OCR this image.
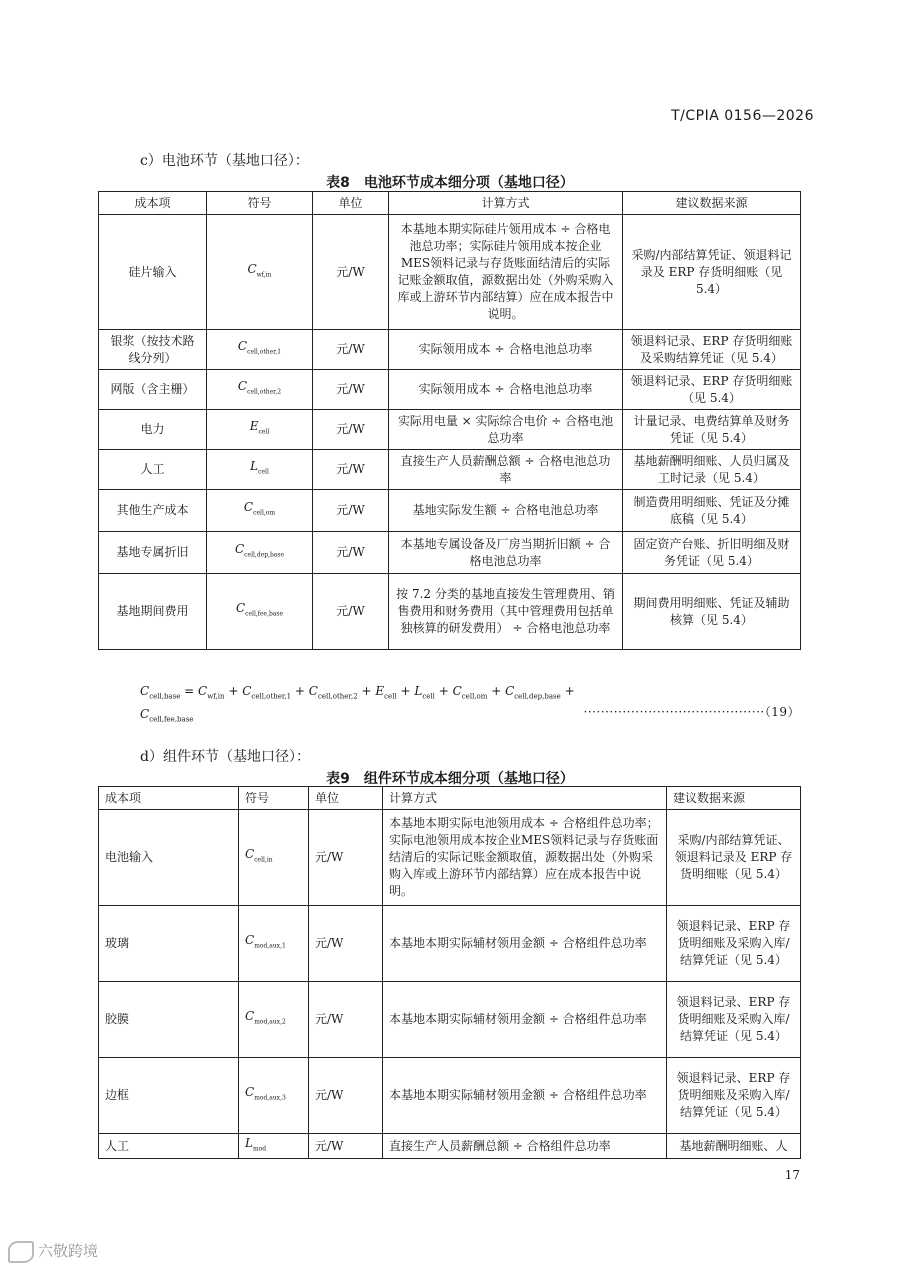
T/CPIA 0156—2026
c）电池环节（基地口径）：
表8　电池环节成本细分项（基地口径）
成本项	符号	单位	计算方式	建议数据来源
硅片输入	$C_{wf,in}$	元/W	本基地本期实际硅片领用成本 ÷ 合格电池总功率；实际硅片领用成本按企业MES领料记录与存货账面结清后的实际记账金额取值，源数据出处（外购采购入库或上游环节内部结算）应在成本报告中说明。	采购/内部结算凭证、领退料记录及 ERP 存货明细账（见 5.4）
银浆（按技术路线分列）	$C_{cell,other,1}$	元/W	实际领用成本 ÷ 合格电池总功率	领退料记录、ERP 存货明细账及采购结算凭证（见 5.4）
网版（含主栅）	$C_{cell,other,2}$	元/W	实际领用成本 ÷ 合格电池总功率	领退料记录、ERP 存货明细账（见 5.4）
电力	$E_{cell}$	元/W	实际用电量 × 实际综合电价 ÷ 合格电池总功率	计量记录、电费结算单及财务凭证（见 5.4）
人工	$L_{cell}$	元/W	直接生产人员薪酬总额 ÷ 合格电池总功率	基地薪酬明细账、人员归属及工时记录（见 5.4）
其他生产成本	$C_{cell,om}$	元/W	基地实际发生额 ÷ 合格电池总功率	制造费用明细账、凭证及分摊底稿（见 5.4）
基地专属折旧	$C_{cell,dep,base}$	元/W	本基地专属设备及厂房当期折旧额 ÷ 合格电池总功率	固定资产台账、折旧明细及财务凭证（见 5.4）
基地期间费用	$C_{cell,fee,base}$	元/W	按 7.2 分类的基地直接发生管理费用、销售费用和财务费用（其中管理费用包括单独核算的研发费用） ÷ 合格电池总功率	期间费用明细账、凭证及辅助核算（见 5.4）
$C_{cell,base} = C_{wf,in} + C_{cell,other,1} + C_{cell,other,2} + E_{cell} + L_{cell} + C_{cell,om} + C_{cell,dep,base}$ +
$C_{cell,fee,base}$
··········································（19）
d）组件环节（基地口径）：
表9　组件环节成本细分项（基地口径）
成本项	符号	单位	计算方式	建议数据来源
电池输入	$C_{cell,in}$	元/W	本基地本期实际电池领用成本 ÷ 合格组件总功率；实际电池领用成本按企业MES领料记录与存货账面结清后的实际记账金额取值，源数据出处（外购采购入库或上游环节内部结算）应在成本报告中说明。	采购/内部结算凭证、领退料记录及 ERP 存货明细账（见 5.4）
玻璃	$C_{mod,aux,1}$	元/W	本基地本期实际辅材领用金额 ÷ 合格组件总功率	领退料记录、ERP 存货明细账及采购入库/结算凭证（见 5.4）
胶膜	$C_{mod,aux,2}$	元/W	本基地本期实际辅材领用金额 ÷ 合格组件总功率	领退料记录、ERP 存货明细账及采购入库/结算凭证（见 5.4）
边框	$C_{mod,aux,3}$	元/W	本基地本期实际辅材领用金额 ÷ 合格组件总功率	领退料记录、ERP 存货明细账及采购入库/结算凭证（见 5.4）
人工	$L_{mod}$	元/W	直接生产人员薪酬总额 ÷ 合格组件总功率	基地薪酬明细账、人
17
六敬跨境
